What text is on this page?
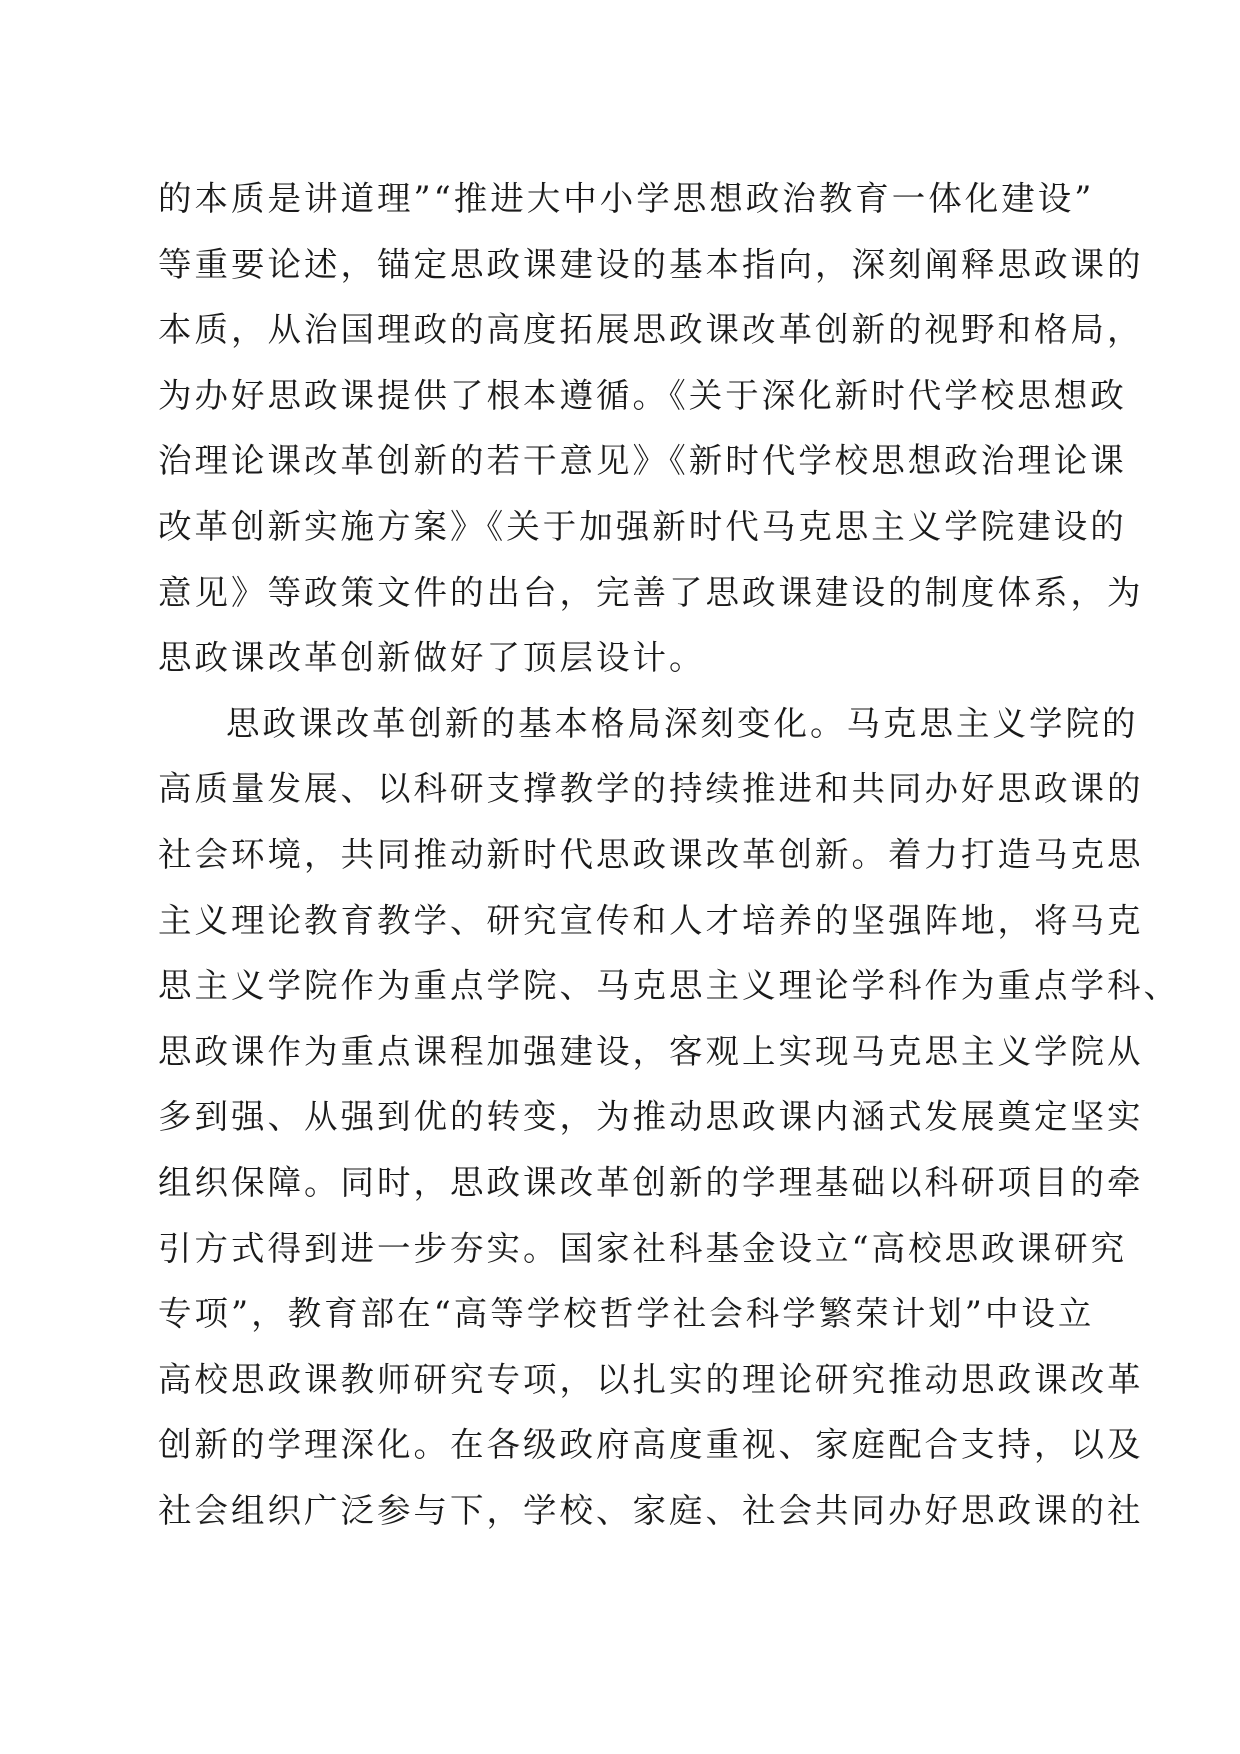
的本质是讲道理”“推进大中小学思想政治教育一体化建设”
等重要论述，锚定思政课建设的基本指向，深刻阐释思政课的
本质，从治国理政的高度拓展思政课改革创新的视野和格局，
为办好思政课提供了根本遵循。《关于深化新时代学校思想政
治理论课改革创新的若干意见》《新时代学校思想政治理论课
改革创新实施方案》《关于加强新时代马克思主义学院建设的
意见》等政策文件的出台，完善了思政课建设的制度体系，为
思政课改革创新做好了顶层设计。
思政课改革创新的基本格局深刻变化。马克思主义学院的
高质量发展、以科研支撑教学的持续推进和共同办好思政课的
社会环境，共同推动新时代思政课改革创新。着力打造马克思
主义理论教育教学、研究宣传和人才培养的坚强阵地，将马克
思主义学院作为重点学院、马克思主义理论学科作为重点学科、
思政课作为重点课程加强建设，客观上实现马克思主义学院从
多到强、从强到优的转变，为推动思政课内涵式发展奠定坚实
组织保障。同时，思政课改革创新的学理基础以科研项目的牵
引方式得到进一步夯实。国家社科基金设立“高校思政课研究
专项”，教育部在“高等学校哲学社会科学繁荣计划”中设立
高校思政课教师研究专项，以扎实的理论研究推动思政课改革
创新的学理深化。在各级政府高度重视、家庭配合支持，以及
社会组织广泛参与下，学校、家庭、社会共同办好思政课的社
